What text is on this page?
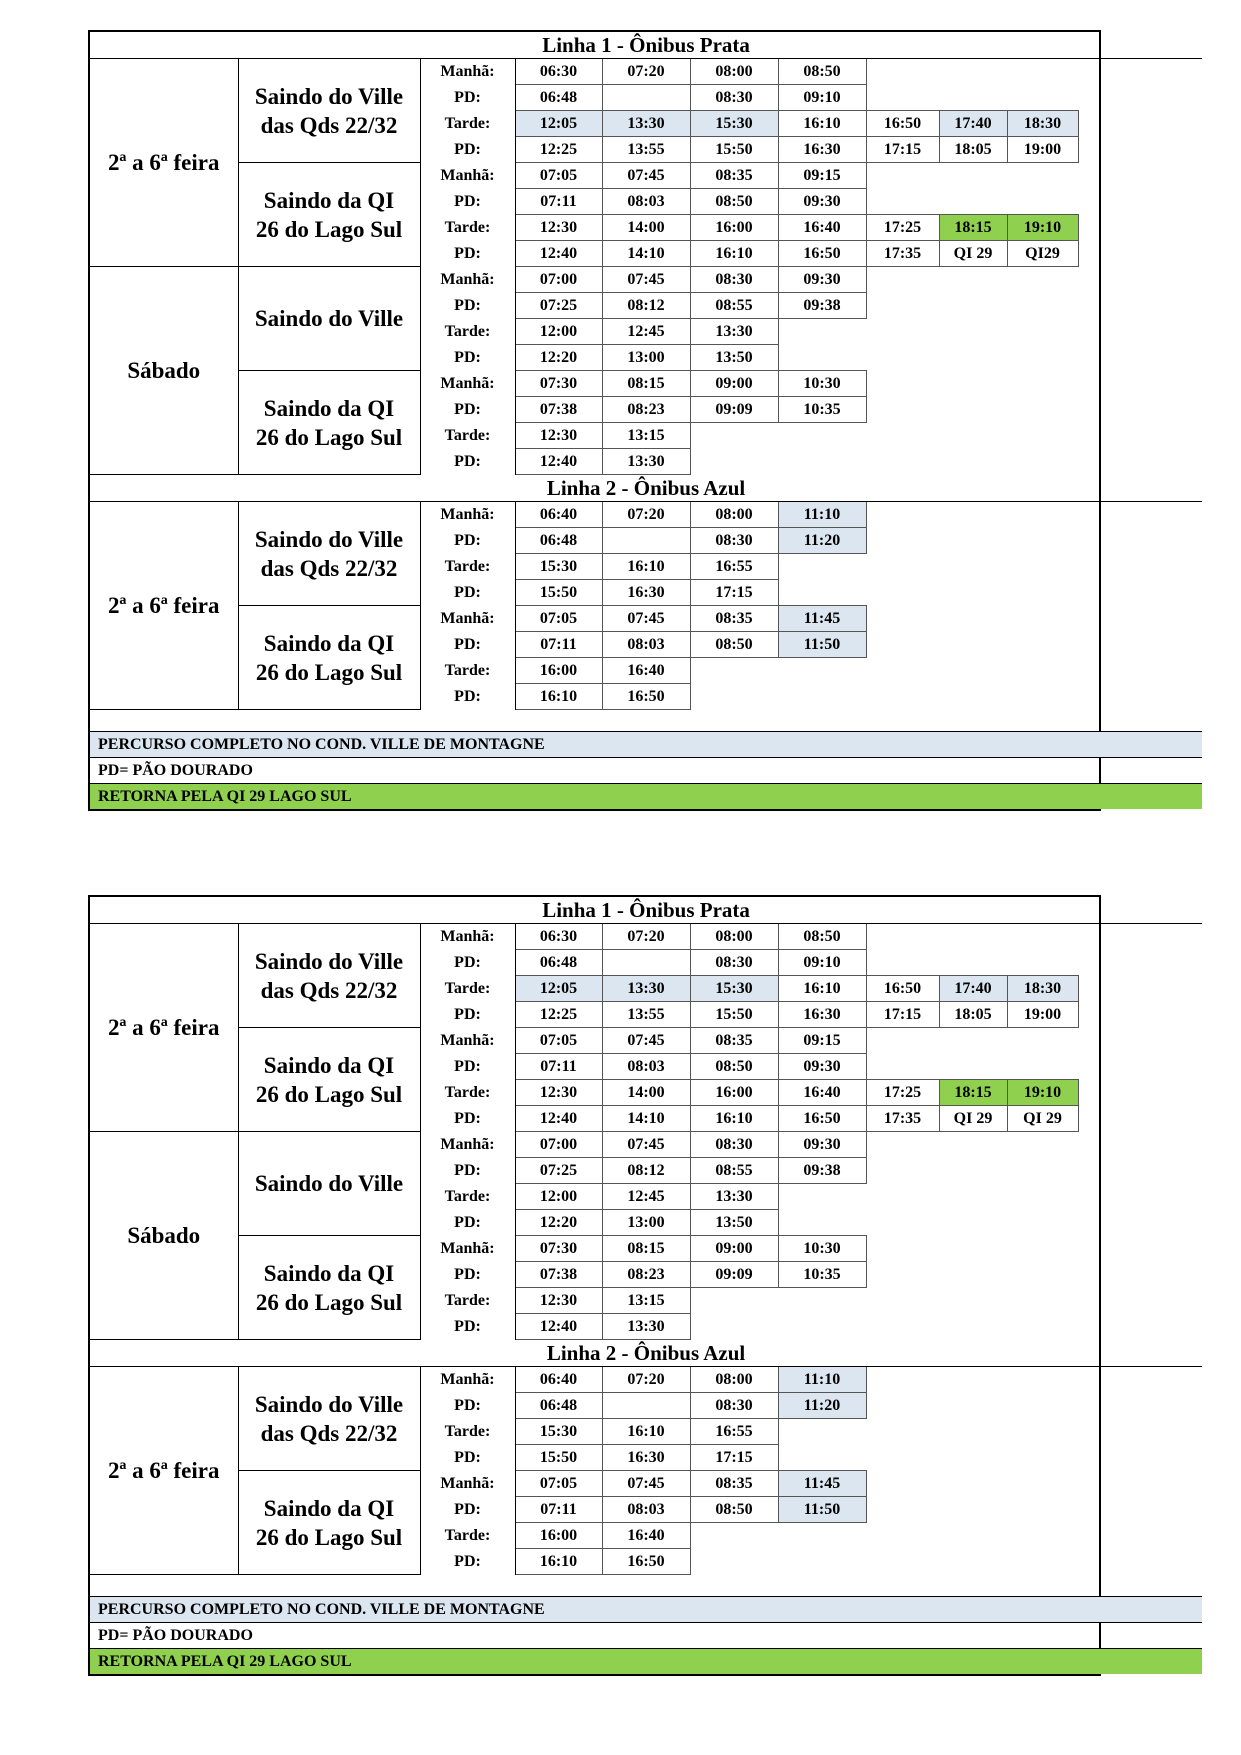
Linha 1 - Ônibus Prata										
2ª a 6ª feira	Saindo do Ville
das Qds 22/32	Manhã:	06:30	07:20	08:00	08:50				
		PD:	06:48		08:30	09:10				
		Tarde:	12:05	13:30	15:30	16:10	16:50	17:40	18:30	
		PD:	12:25	13:55	15:50	16:30	17:15	18:05	19:00	
	Saindo da QI
26 do Lago Sul	Manhã:	07:05	07:45	08:35	09:15				
		PD:	07:11	08:03	08:50	09:30				
		Tarde:	12:30	14:00	16:00	16:40	17:25	18:15	19:10	
		PD:	12:40	14:10	16:10	16:50	17:35	QI 29	QI29	
Sábado	Saindo do Ville	Manhã:	07:00	07:45	08:30	09:30				
		PD:	07:25	08:12	08:55	09:38				
		Tarde:	12:00	12:45	13:30					
		PD:	12:20	13:00	13:50					
	Saindo da QI
26 do Lago Sul	Manhã:	07:30	08:15	09:00	10:30				
		PD:	07:38	08:23	09:09	10:35				
		Tarde:	12:30	13:15						
		PD:	12:40	13:30						
Linha 2 - Ônibus Azul										
2ª a 6ª feira	Saindo do Ville
das Qds 22/32	Manhã:	06:40	07:20	08:00	11:10				
		PD:	06:48		08:30	11:20				
		Tarde:	15:30	16:10	16:55					
		PD:	15:50	16:30	17:15					
	Saindo da QI
26 do Lago Sul	Manhã:	07:05	07:45	08:35	11:45				
		PD:	07:11	08:03	08:50	11:50				
		Tarde:	16:00	16:40						
		PD:	16:10	16:50						

PERCURSO COMPLETO NO COND. VILLE DE MONTAGNE										
PD= PÃO DOURADO										
RETORNA PELA QI 29 LAGO SUL										
Linha 1 - Ônibus Prata										
2ª a 6ª feira	Saindo do Ville
das Qds 22/32	Manhã:	06:30	07:20	08:00	08:50				
		PD:	06:48		08:30	09:10				
		Tarde:	12:05	13:30	15:30	16:10	16:50	17:40	18:30	
		PD:	12:25	13:55	15:50	16:30	17:15	18:05	19:00	
	Saindo da QI
26 do Lago Sul	Manhã:	07:05	07:45	08:35	09:15				
		PD:	07:11	08:03	08:50	09:30				
		Tarde:	12:30	14:00	16:00	16:40	17:25	18:15	19:10	
		PD:	12:40	14:10	16:10	16:50	17:35	QI 29	QI 29	
Sábado	Saindo do Ville	Manhã:	07:00	07:45	08:30	09:30				
		PD:	07:25	08:12	08:55	09:38				
		Tarde:	12:00	12:45	13:30					
		PD:	12:20	13:00	13:50					
	Saindo da QI
26 do Lago Sul	Manhã:	07:30	08:15	09:00	10:30				
		PD:	07:38	08:23	09:09	10:35				
		Tarde:	12:30	13:15						
		PD:	12:40	13:30						
Linha 2 - Ônibus Azul										
2ª a 6ª feira	Saindo do Ville
das Qds 22/32	Manhã:	06:40	07:20	08:00	11:10				
		PD:	06:48		08:30	11:20				
		Tarde:	15:30	16:10	16:55					
		PD:	15:50	16:30	17:15					
	Saindo da QI
26 do Lago Sul	Manhã:	07:05	07:45	08:35	11:45				
		PD:	07:11	08:03	08:50	11:50				
		Tarde:	16:00	16:40						
		PD:	16:10	16:50						

PERCURSO COMPLETO NO COND. VILLE DE MONTAGNE										
PD= PÃO DOURADO										
RETORNA PELA QI 29 LAGO SUL										
